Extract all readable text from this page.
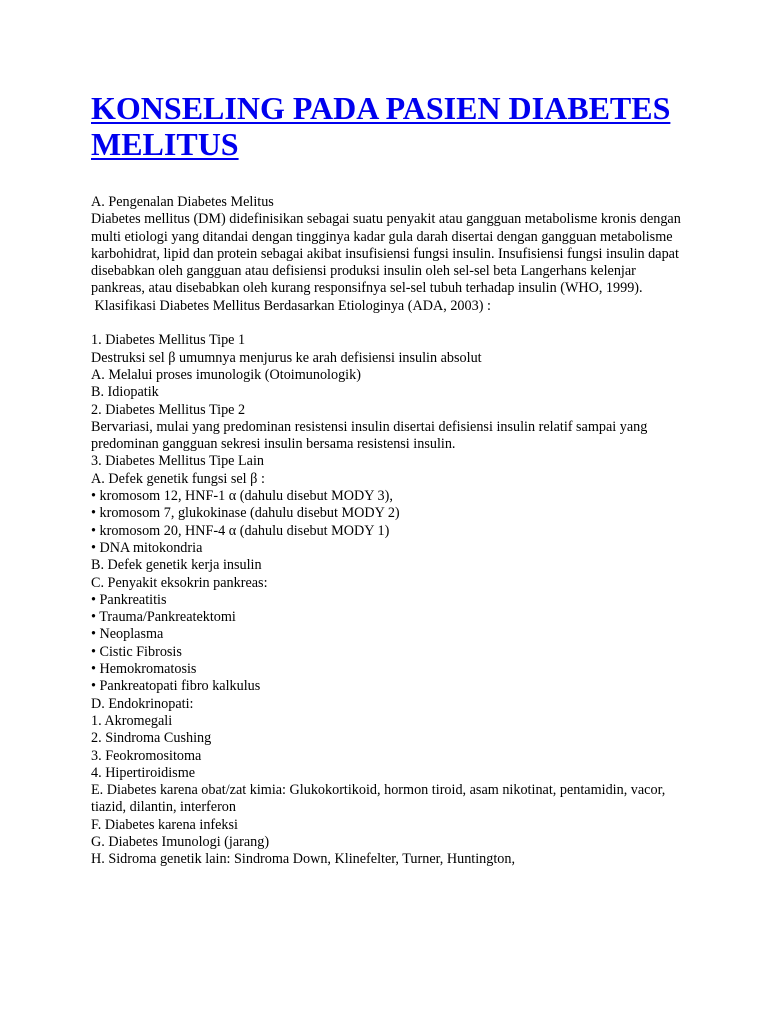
KONSELING PADA PASIEN DIABETES MELITUS
A. Pengenalan Diabetes Melitus
Diabetes mellitus (DM) didefinisikan sebagai suatu penyakit atau gangguan metabolisme kronis dengan multi etiologi yang ditandai dengan tingginya kadar gula darah disertai dengan gangguan metabolisme karbohidrat, lipid dan protein sebagai akibat insufisiensi fungsi insulin. Insufisiensi fungsi insulin dapat disebabkan oleh gangguan atau defisiensi produksi insulin oleh sel-sel beta Langerhans kelenjar pankreas, atau disebabkan oleh kurang responsifnya sel-sel tubuh terhadap insulin (WHO, 1999).
Klasifikasi Diabetes Mellitus Berdasarkan Etiologinya (ADA, 2003) :
1. Diabetes Mellitus Tipe 1
Destruksi sel β umumnya menjurus ke arah defisiensi insulin absolut
A. Melalui proses imunologik (Otoimunologik)
B. Idiopatik
2. Diabetes Mellitus Tipe 2
Bervariasi, mulai yang predominan resistensi insulin disertai defisiensi insulin relatif sampai yang predominan gangguan sekresi insulin bersama resistensi insulin.
3. Diabetes Mellitus Tipe Lain
A. Defek genetik fungsi sel β :
• kromosom 12, HNF-1 α (dahulu disebut MODY 3),
• kromosom 7, glukokinase (dahulu disebut MODY 2)
• kromosom 20, HNF-4 α (dahulu disebut MODY 1)
• DNA mitokondria
B. Defek genetik kerja insulin
C. Penyakit eksokrin pankreas:
• Pankreatitis
• Trauma/Pankreatektomi
• Neoplasma
• Cistic Fibrosis
• Hemokromatosis
• Pankreatopati fibro kalkulus
D. Endokrinopati:
1. Akromegali
2. Sindroma Cushing
3. Feokromositoma
4. Hipertiroidisme
E. Diabetes karena obat/zat kimia: Glukokortikoid, hormon tiroid, asam nikotinat, pentamidin, vacor, tiazid, dilantin, interferon
F. Diabetes karena infeksi
G. Diabetes Imunologi (jarang)
H. Sidroma genetik lain: Sindroma Down, Klinefelter, Turner, Huntington,
